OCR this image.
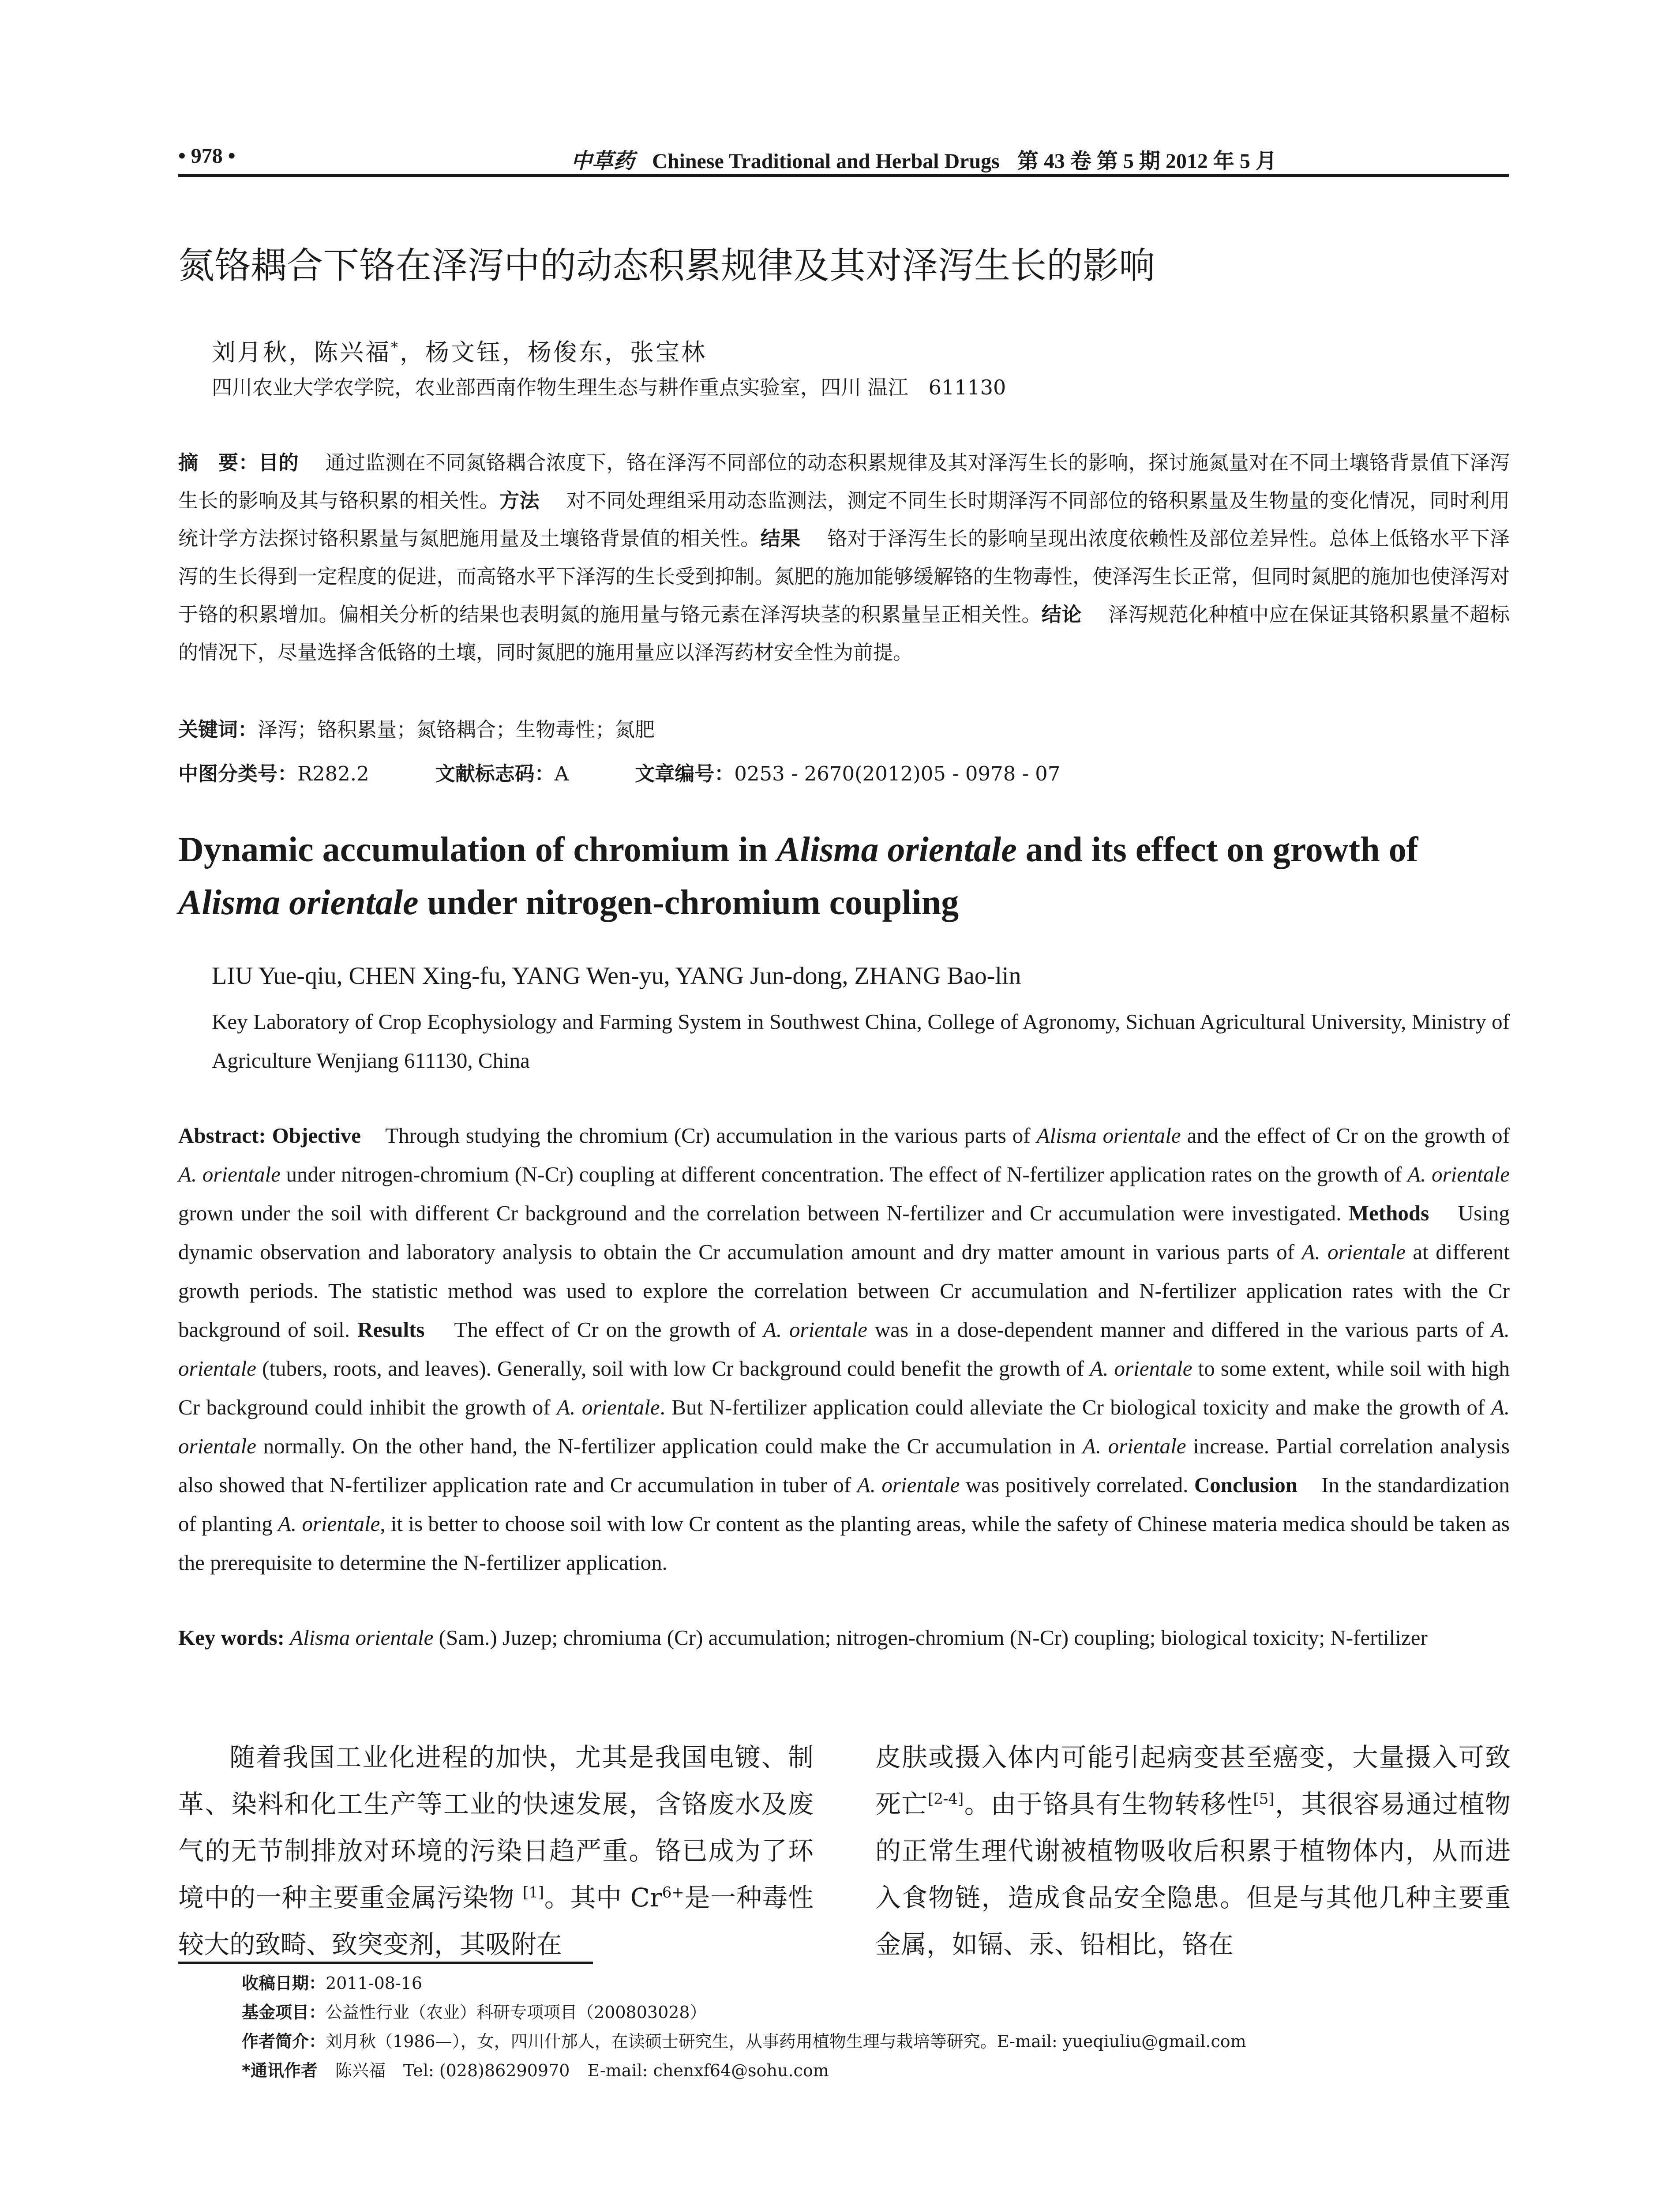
• 978 •	中草药 Chinese Traditional and Herbal Drugs 第 43 卷 第 5 期 2012 年 5 月
氮铬耦合下铬在泽泻中的动态积累规律及其对泽泻生长的影响
刘月秋，陈兴福*，杨文钰，杨俊东，张宝林
四川农业大学农学院，农业部西南作物生理生态与耕作重点实验室，四川 温江　611130
摘　要：目的　 通过监测在不同氮铬耦合浓度下，铬在泽泻不同部位的动态积累规律及其对泽泻生长的影响，探讨施氮量对在不同土壤铬背景值下泽泻生长的影响及其与铬积累的相关性。方法　 对不同处理组采用动态监测法，测定不同生长时期泽泻不同部位的铬积累量及生物量的变化情况，同时利用统计学方法探讨铬积累量与氮肥施用量及土壤铬背景值的相关性。结果　 铬对于泽泻生长的影响呈现出浓度依赖性及部位差异性。总体上低铬水平下泽泻的生长得到一定程度的促进，而高铬水平下泽泻的生长受到抑制。氮肥的施加能够缓解铬的生物毒性，使泽泻生长正常，但同时氮肥的施加也使泽泻对于铬的积累增加。偏相关分析的结果也表明氮的施用量与铬元素在泽泻块茎的积累量呈正相关性。结论　 泽泻规范化种植中应在保证其铬积累量不超标的情况下，尽量选择含低铬的土壤，同时氮肥的施用量应以泽泻药材安全性为前提。
关键词：泽泻；铬积累量；氮铬耦合；生物毒性；氮肥
中图分类号：R282.2	文献标志码：A	文章编号：0253 - 2670(2012)05 - 0978 - 07
Dynamic accumulation of chromium in Alisma orientale and its effect on growth of Alisma orientale under nitrogen-chromium coupling
LIU Yue-qiu, CHEN Xing-fu, YANG Wen-yu, YANG Jun-dong, ZHANG Bao-lin
Key Laboratory of Crop Ecophysiology and Farming System in Southwest China, College of Agronomy, Sichuan Agricultural University, Ministry of Agriculture Wenjiang 611130, China
Abstract: Objective Through studying the chromium (Cr) accumulation in the various parts of Alisma orientale and the effect of Cr on the growth of A. orientale under nitrogen-chromium (N-Cr) coupling at different concentration. The effect of N-fertilizer application rates on the growth of A. orientale grown under the soil with different Cr background and the correlation between N-fertilizer and Cr accumulation were investigated. Methods Using dynamic observation and laboratory analysis to obtain the Cr accumulation amount and dry matter amount in various parts of A. orientale at different growth periods. The statistic method was used to explore the correlation between Cr accumulation and N-fertilizer application rates with the Cr background of soil. Results The effect of Cr on the growth of A. orientale was in a dose-dependent manner and differed in the various parts of A. orientale (tubers, roots, and leaves). Generally, soil with low Cr background could benefit the growth of A. orientale to some extent, while soil with high Cr background could inhibit the growth of A. orientale. But N-fertilizer application could alleviate the Cr biological toxicity and make the growth of A. orientale normally. On the other hand, the N-fertilizer application could make the Cr accumulation in A. orientale increase. Partial correlation analysis also showed that N-fertilizer application rate and Cr accumulation in tuber of A. orientale was positively correlated. Conclusion In the standardization of planting A. orientale, it is better to choose soil with low Cr content as the planting areas, while the safety of Chinese materia medica should be taken as the prerequisite to determine the N-fertilizer application.
Key words: Alisma orientale (Sam.) Juzep; chromiuma (Cr) accumulation; nitrogen-chromium (N-Cr) coupling; biological toxicity; N-fertilizer
随着我国工业化进程的加快，尤其是我国电镀、制革、染料和化工生产等工业的快速发展，含铬废水及废气的无节制排放对环境的污染日趋严重。铬已成为了环境中的一种主要重金属污染物 [1]。其中 $Cr^{6+}$是一种毒性较大的致畸、致突变剂，其吸附在
皮肤或摄入体内可能引起病变甚至癌变，大量摄入可致死亡[2-4]。由于铬具有生物转移性[5]，其很容易通过植物的正常生理代谢被植物吸收后积累于植物体内，从而进入食物链，造成食品安全隐患。但是与其他几种主要重金属，如镉、汞、铅相比，铬在
收稿日期：2011-08-16
基金项目：公益性行业（农业）科研专项项目（200803028）
作者简介：刘月秋（1986—），女，四川什邡人，在读硕士研究生，从事药用植物生理与栽培等研究。E-mail: yueqiuliu@gmail.com
*通讯作者 陈兴福 Tel: (028)86290970 E-mail: chenxf64@sohu.com
